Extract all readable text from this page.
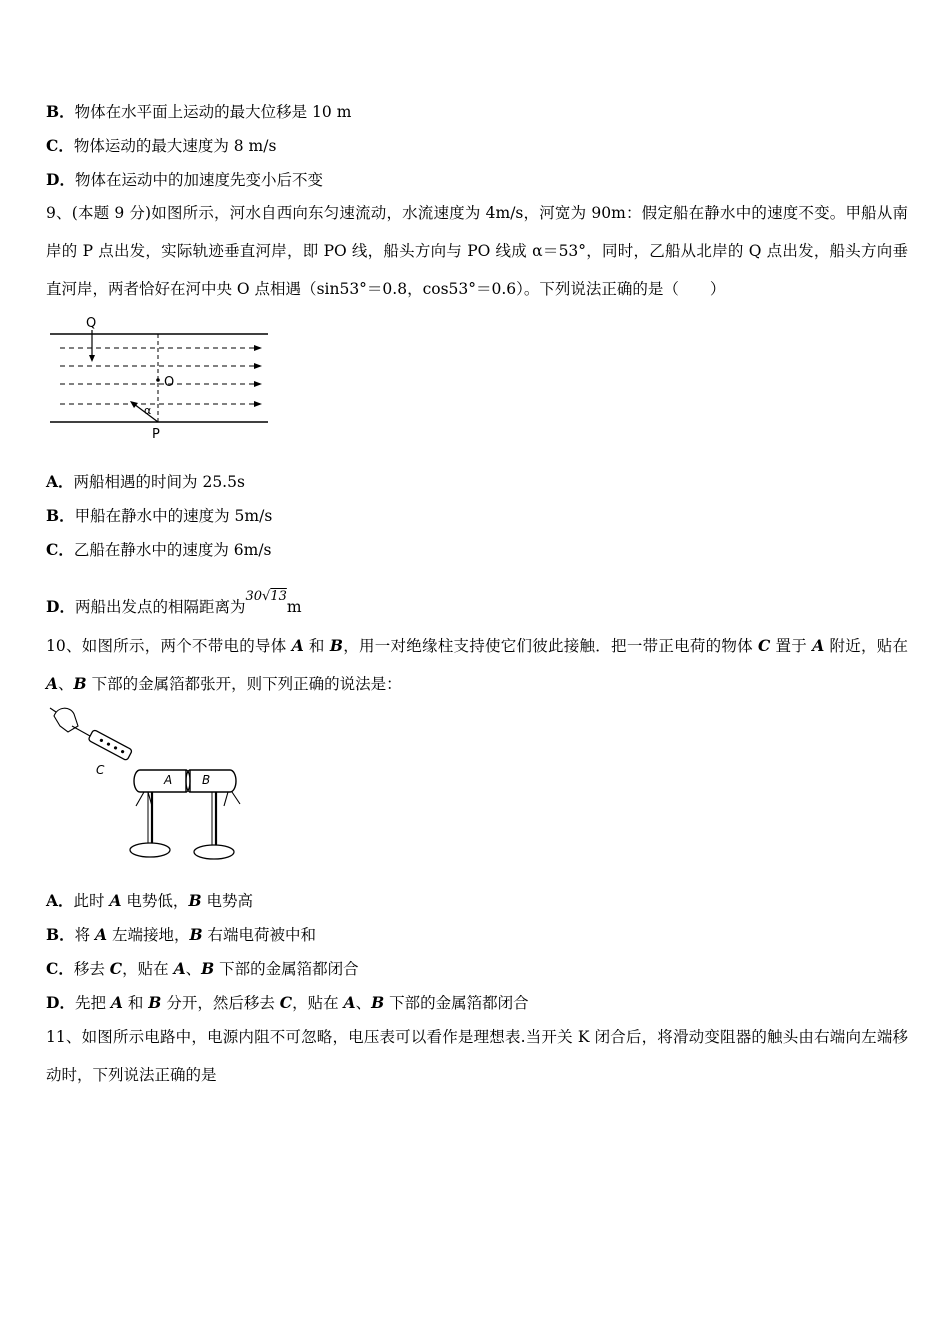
B．物体在水平面上运动的最大位移是 10 m
C．物体运动的最大速度为 8 m/s
D．物体在运动中的加速度先变小后不变
9、(本题 9 分)如图所示，河水自西向东匀速流动，水流速度为 4m/s，河宽为 90m：假定船在静水中的速度不变。甲船从南岸的 P 点出发，实际轨迹垂直河岸，即 PO 线，船头方向与 PO 线成 α＝53°，同时，乙船从北岸的 Q 点出发，船头方向垂直河岸，两者恰好在河中央 O 点相遇（sin53°＝0.8，cos53°＝0.6）。下列说法正确的是（　　）
Q
O
P
α
A．两船相遇的时间为 25.5s
B．甲船在静水中的速度为 5m/s
C．乙船在静水中的速度为 6m/s
D．两船出发点的相隔距离为30√13m
10、如图所示，两个不带电的导体 A 和 B，用一对绝缘柱支持使它们彼此接触．把一带正电荷的物体 C 置于 A 附近，贴在 A、B 下部的金属箔都张开，则下列正确的说法是：
C
A B
A．此时 A 电势低，B 电势高
B．将 A 左端接地，B 右端电荷被中和
C．移去 C，贴在 A、B 下部的金属箔都闭合
D．先把 A 和 B 分开，然后移去 C，贴在 A、B 下部的金属箔都闭合
11、如图所示电路中，电源内阻不可忽略，电压表可以看作是理想表.当开关 K 闭合后，将滑动变阻器的触头由右端向左端移动时，下列说法正确的是
